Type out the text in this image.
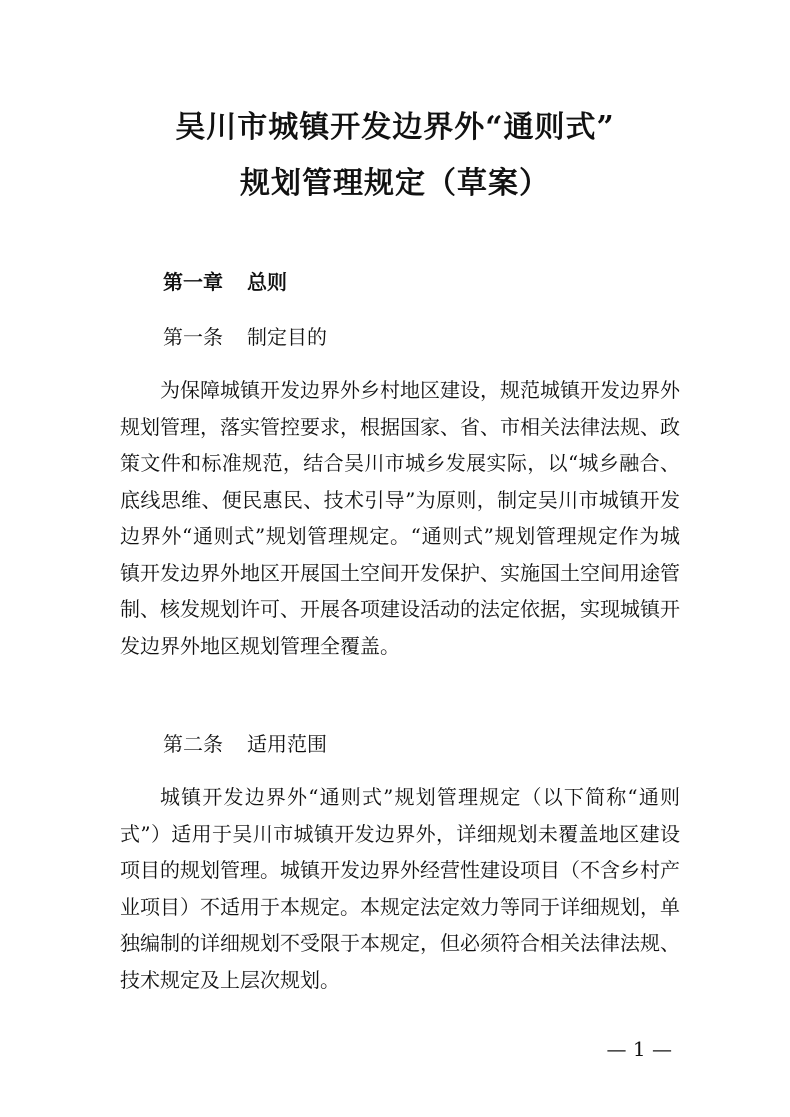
吴川市城镇开发边界外“通则式”
规划管理规定（草案）
第一章 总则
第一条 制定目的

为保障城镇开发边界外乡村地区建设，规范城镇开发边界外规划管理，落实管控要求，根据国家、省、市相关法律法规、政策文件和标准规范，结合吴川市城乡发展实际，以“城乡融合、底线思维、便民惠民、技术引导”为原则，制定吴川市城镇开发边界外“通则式”规划管理规定。“通则式”规划管理规定作为城镇开发边界外地区开展国土空间开发保护、实施国土空间用途管制、核发规划许可、开展各项建设活动的法定依据，实现城镇开发边界外地区规划管理全覆盖。

第二条 适用范围

城镇开发边界外“通则式”规划管理规定（以下简称“通则式”）适用于吴川市城镇开发边界外，详细规划未覆盖地区建设项目的规划管理。城镇开发边界外经营性建设项目（不含乡村产业项目）不适用于本规定。本规定法定效力等同于详细规划，单独编制的详细规划不受限于本规定，但必须符合相关法律法规、技术规定及上层次规划。

— 1 —
